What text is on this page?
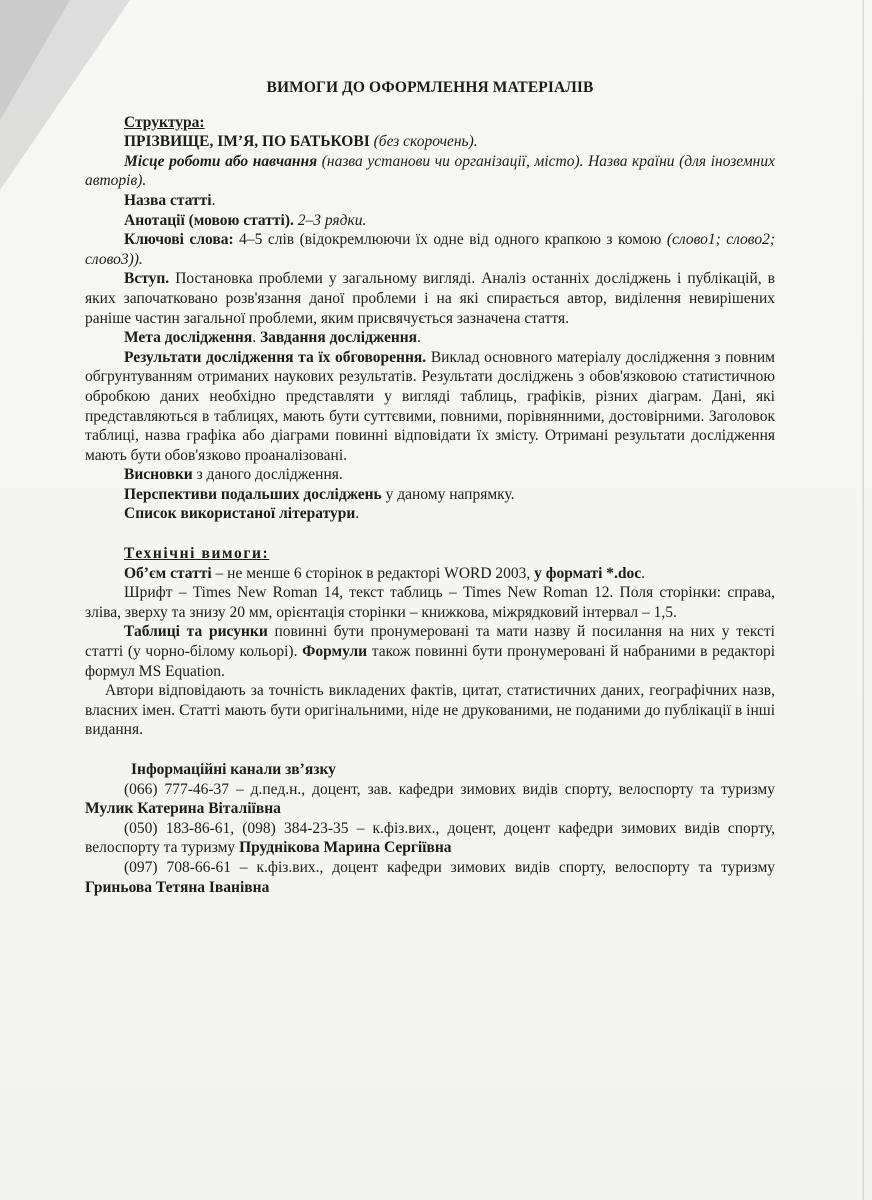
ВИМОГИ ДО ОФОРМЛЕННЯ МАТЕРІАЛІВ

Структура:

ПРІЗВИЩЕ, ІМ’Я, ПО БАТЬКОВІ (без скорочень).

Місце роботи або навчання (назва установи чи організації, місто). Назва країни (для іноземних авторів).

Назва статті.

Анотації (мовою статті). 2–3 рядки.

Ключові слова: 4–5 слів (відокремлюючи їх одне від одного крапкою з комою (слово1; слово2; слово3)).

Вступ. Постановка проблеми у загальному вигляді. Аналіз останніх досліджень і публікацій, в яких започатковано розв'язання даної проблеми і на які спирається автор, виділення невирішених раніше частин загальної проблеми, яким присвячується зазначена стаття.

Мета дослідження. Завдання дослідження.

Результати дослідження та їх обговорення. Виклад основного матеріалу дослідження з повним обгрунтуванням отриманих наукових результатів. Результати досліджень з обов'язковою статистичною обробкою даних необхідно представляти у вигляді таблиць, графіків, різних діаграм. Дані, які представляються в таблицях, мають бути суттєвими, повними, порівнянними, достовірними. Заголовок таблиці, назва графіка або діаграми повинні відповідати їх змісту. Отримані результати дослідження мають бути обов'язково проаналізовані.

Висновки з даного дослідження.

Перспективи подальших досліджень у даному напрямку.

Список використаної літератури.

Технічні вимоги:

Об’єм статті – не менше 6 сторінок в редакторі WORD 2003, у форматі *.doc.

Шрифт – Times New Roman 14, текст таблиць – Times New Roman 12. Поля сторінки: справа, зліва, зверху та знизу 20 мм, орієнтація сторінки – книжкова, міжрядковий інтервал – 1,5.

Таблиці та рисунки повинні бути пронумеровані та мати назву й посилання на них у тексті статті (у чорно-білому кольорі). Формули також повинні бути пронумеровані й набраними в редакторі формул MS Equation.

Автори відповідають за точність викладених фактів, цитат, статистичних даних, географічних назв, власних імен. Статті мають бути оригінальними, ніде не друкованими, не поданими до публікації в інші видання.

Інформаційні канали зв’язку

(066) 777-46-37 – д.пед.н., доцент, зав. кафедри зимових видів спорту, велоспорту та туризму Мулик Катерина Віталіївна

(050) 183-86-61, (098) 384-23-35 – к.фіз.вих., доцент, доцент кафедри зимових видів спорту, велоспорту та туризму Пруднікова Марина Сергіївна

(097) 708-66-61 – к.фіз.вих., доцент кафедри зимових видів спорту, велоспорту та туризму Гриньова Тетяна Іванівна
